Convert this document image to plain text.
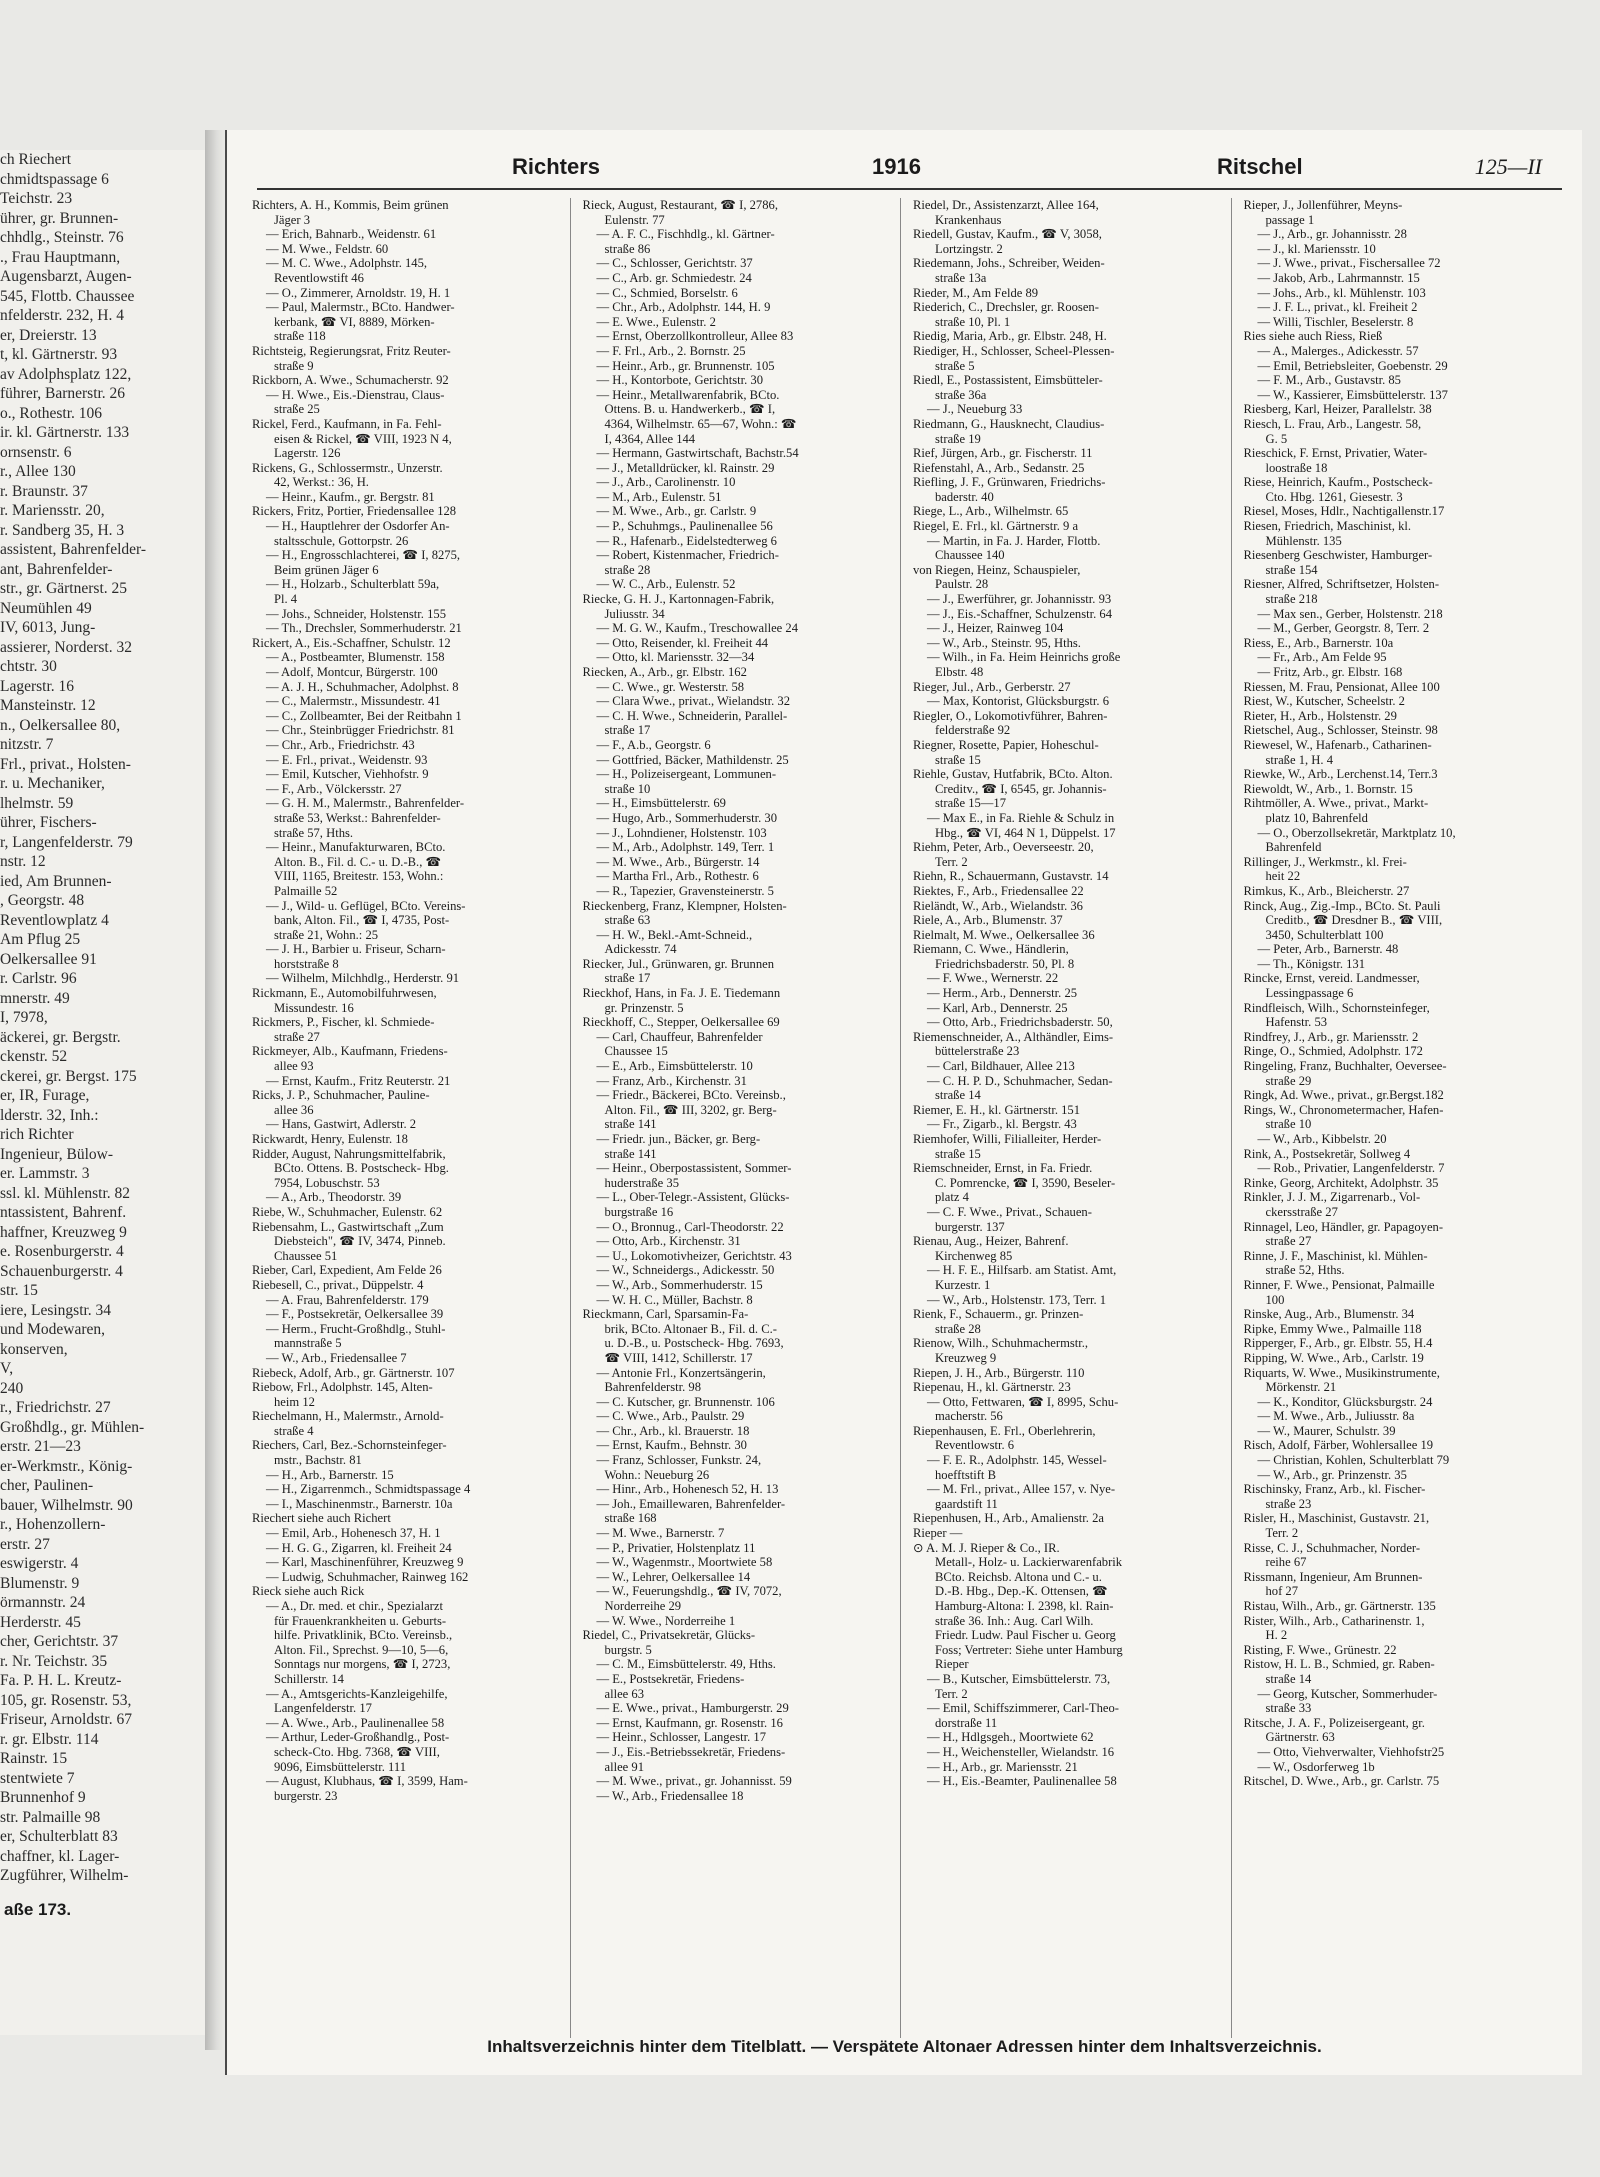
ch Riechert
chmidtspassage 6
Teichstr. 23
ührer, gr. Brunnen-
chhdlg., Steinstr. 76
., Frau Hauptmann,
Augensbarzt, Augen-
545, Flottb. Chaussee
nfelderstr. 232, H. 4
er, Dreierstr. 13
t, kl. Gärtnerstr. 93
av Adolphsplatz 122,
führer, Barnerstr. 26
o., Rothestr. 106
ir. kl. Gärtnerstr. 133
ornsenstr. 6
r., Allee 130
r. Braunstr. 37
r. Mariensstr. 20,
r. Sandberg 35, H. 3
assistent, Bahrenfelder-
ant, Bahrenfelder-
str., gr. Gärtnerst. 25
Neumühlen 49
IV, 6013, Jung-
assierer, Norderst. 32
chtstr. 30
Lagerstr. 16
Mansteinstr. 12
n., Oelkersallee 80,
nitzstr. 7
Frl., privat., Holsten-
r. u. Mechaniker,
lhelmstr. 59
ührer, Fischers-
r, Langenfelderstr. 79
nstr. 12
ied, Am Brunnen-
, Georgstr. 48
Reventlowplatz 4
Am Pflug 25
Oelkersallee 91
r. Carlstr. 96
mnerstr. 49
I, 7978,
äckerei, gr. Bergstr.
ckenstr. 52
ckerei, gr. Bergst. 175
er, IR, Furage,
lderstr. 32, Inh.:
rich Richter
Ingenieur, Bülow-
er. Lammstr. 3
ssl. kl. Mühlenstr. 82
ntassistent, Bahrenf.
haffner, Kreuzweg 9
e. Rosenburgerstr. 4
Schauenburgerstr. 4
str. 15
iere, Lesingstr. 34
und Modewaren,
konserven,
V,
240
r., Friedrichstr. 27
Großhdlg., gr. Mühlen-
erstr. 21—23
er-Werkmstr., König-
cher, Paulinen-
bauer, Wilhelmstr. 90
r., Hohenzollern-
erstr. 27
eswigerstr. 4
Blumenstr. 9
örmannstr. 24
Herderstr. 45
cher, Gerichtstr. 37
r. Nr. Teichstr. 35
Fa. P. H. L. Kreutz-
105, gr. Rosenstr. 53,
Friseur, Arnoldstr. 67
r. gr. Elbstr. 114
Rainstr. 15
stentwiete 7
Brunnenhof 9
str. Palmaille 98
er, Schulterblatt 83
chaffner, kl. Lager-
Zugführer, Wilhelm-
aße 173.
Richters	1916	Ritschel	125—II
Richters, A. H., Kommis, Beim grünen
Jäger 3
— Erich, Bahnarb., Weidenstr. 61
— M. Wwe., Feldstr. 60
— M. C. Wwe., Adolphstr. 145,
Reventlowstift 46
— O., Zimmerer, Arnoldstr. 19, H. 1
— Paul, Malermstr., BCto. Handwer-
kerbank, ☎ VI, 8889, Mörken-
straße 118
Richtsteig, Regierungsrat, Fritz Reuter-
straße 9
Rickborn, A. Wwe., Schumacherstr. 92
— H. Wwe., Eis.-Dienstrau, Claus-
straße 25
Rickel, Ferd., Kaufmann, in Fa. Fehl-
eisen & Rickel, ☎ VIII, 1923 N 4,
Lagerstr. 126
Rickens, G., Schlossermstr., Unzerstr.
42, Werkst.: 36, H.
— Heinr., Kaufm., gr. Bergstr. 81
Rickers, Fritz, Portier, Friedensallee 128
— H., Hauptlehrer der Osdorfer An-
staltsschule, Gottorpstr. 26
— H., Engrosschlachterei, ☎ I, 8275,
Beim grünen Jäger 6
— H., Holzarb., Schulterblatt 59a,
Pl. 4
— Johs., Schneider, Holstenstr. 155
— Th., Drechsler, Sommerhuderstr. 21
Rickert, A., Eis.-Schaffner, Schulstr. 12
— A., Postbeamter, Blumenstr. 158
— Adolf, Montcur, Bürgerstr. 100
— A. J. H., Schuhmacher, Adolphst. 8
— C., Malermstr., Missundestr. 41
— C., Zollbeamter, Bei der Reitbahn 1
— Chr., Steinbrügger Friedrichstr. 81
— Chr., Arb., Friedrichstr. 43
— E. Frl., privat., Weidenstr. 93
— Emil, Kutscher, Viehhofstr. 9
— F., Arb., Völckersstr. 27
— G. H. M., Malermstr., Bahrenfelder-
straße 53, Werkst.: Bahrenfelder-
straße 57, Hths.
— Heinr., Manufakturwaren, BCto.
Alton. B., Fil. d. C.- u. D.-B., ☎
VIII, 1165, Breitestr. 153, Wohn.:
Palmaille 52
— J., Wild- u. Geflügel, BCto. Vereins-
bank, Alton. Fil., ☎ I, 4735, Post-
straße 21, Wohn.: 25
— J. H., Barbier u. Friseur, Scharn-
horststraße 8
— Wilhelm, Milchhdlg., Herderstr. 91
Rickmann, E., Automobilfuhrwesen,
Missundestr. 16
Rickmers, P., Fischer, kl. Schmiede-
straße 27
Rickmeyer, Alb., Kaufmann, Friedens-
allee 93
— Ernst, Kaufm., Fritz Reuterstr. 21
Ricks, J. P., Schuhmacher, Pauline-
allee 36
— Hans, Gastwirt, Adlerstr. 2
Rickwardt, Henry, Eulenstr. 18
Ridder, August, Nahrungsmittelfabrik,
BCto. Ottens. B. Postscheck- Hbg.
7954, Lobuschstr. 53
— A., Arb., Theodorstr. 39
Riebe, W., Schuhmacher, Eulenstr. 62
Riebensahm, L., Gastwirtschaft „Zum
Diebsteich", ☎ IV, 3474, Pinneb.
Chaussee 51
Rieber, Carl, Expedient, Am Felde 26
Riebesell, C., privat., Düppelstr. 4
— A. Frau, Bahrenfelderstr. 179
— F., Postsekretär, Oelkersallee 39
— Herm., Frucht-Großhdlg., Stuhl-
mannstraße 5
— W., Arb., Friedensallee 7
Riebeck, Adolf, Arb., gr. Gärtnerstr. 107
Riebow, Frl., Adolphstr. 145, Alten-
heim 12
Riechelmann, H., Malermstr., Arnold-
straße 4
Riechers, Carl, Bez.-Schornsteinfeger-
mstr., Bachstr. 81
— H., Arb., Barnerstr. 15
— H., Zigarrenmch., Schmidtspassage 4
— I., Maschinenmstr., Barnerstr. 10a
Riechert siehe auch Richert
— Emil, Arb., Hohenesch 37, H. 1
— H. G. G., Zigarren, kl. Freiheit 24
— Karl, Maschinenführer, Kreuzweg 9
— Ludwig, Schuhmacher, Rainweg 162
Rieck siehe auch Rick
— A., Dr. med. et chir., Spezialarzt
für Frauenkrankheiten u. Geburts-
hilfe. Privatklinik, BCto. Vereinsb.,
Alton. Fil., Sprechst. 9—10, 5—6,
Sonntags nur morgens, ☎ I, 2723,
Schillerstr. 14
— A., Amtsgerichts-Kanzleigehilfe,
Langenfelderstr. 17
— A. Wwe., Arb., Paulinenallee 58
— Arthur, Leder-Großhandlg., Post-
scheck-Cto. Hbg. 7368, ☎ VIII,
9096, Eimsbüttelerstr. 111
— August, Klubhaus, ☎ I, 3599, Ham-
burgerstr. 23
Rieck, August, Restaurant, ☎ I, 2786,
Eulenstr. 77
— A. F. C., Fischhdlg., kl. Gärtner-
straße 86
— C., Schlosser, Gerichtstr. 37
— C., Arb. gr. Schmiedestr. 24
— C., Schmied, Borselstr. 6
— Chr., Arb., Adolphstr. 144, H. 9
— E. Wwe., Eulenstr. 2
— Ernst, Oberzollkontrolleur, Allee 83
— F. Frl., Arb., 2. Bornstr. 25
— Heinr., Arb., gr. Brunnenstr. 105
— H., Kontorbote, Gerichtstr. 30
— Heinr., Metallwarenfabrik, BCto.
Ottens. B. u. Handwerkerb., ☎ I,
4364, Wilhelmstr. 65—67, Wohn.: ☎
I, 4364, Allee 144
— Hermann, Gastwirtschaft, Bachstr.54
— J., Metalldrücker, kl. Rainstr. 29
— J., Arb., Carolinenstr. 10
— M., Arb., Eulenstr. 51
— M. Wwe., Arb., gr. Carlstr. 9
— P., Schuhmgs., Paulinenallee 56
— R., Hafenarb., Eidelstedterweg 6
— Robert, Kistenmacher, Friedrich-
straße 28
— W. C., Arb., Eulenstr. 52
Riecke, G. H. J., Kartonnagen-Fabrik,
Juliusstr. 34
— M. G. W., Kaufm., Treschowallee 24
— Otto, Reisender, kl. Freiheit 44
— Otto, kl. Mariensstr. 32—34
Riecken, A., Arb., gr. Elbstr. 162
— C. Wwe., gr. Westerstr. 58
— Clara Wwe., privat., Wielandstr. 32
— C. H. Wwe., Schneiderin, Parallel-
straße 17
— F., A.b., Georgstr. 6
— Gottfried, Bäcker, Mathildenstr. 25
— H., Polizeisergeant, Lommunen-
straße 10
— H., Eimsbüttelerstr. 69
— Hugo, Arb., Sommerhuderstr. 30
— J., Lohndiener, Holstenstr. 103
— M., Arb., Adolphstr. 149, Terr. 1
— M. Wwe., Arb., Bürgerstr. 14
— Martha Frl., Arb., Rothestr. 6
— R., Tapezier, Gravensteinerstr. 5
Rieckenberg, Franz, Klempner, Holsten-
straße 63
— H. W., Bekl.-Amt-Schneid.,
Adickesstr. 74
Riecker, Jul., Grünwaren, gr. Brunnen
straße 17
Rieckhof, Hans, in Fa. J. E. Tiedemann
gr. Prinzenstr. 5
Rieckhoff, C., Stepper, Oelkersallee 69
— Carl, Chauffeur, Bahrenfelder
Chaussee 15
— E., Arb., Eimsbüttelerstr. 10
— Franz, Arb., Kirchenstr. 31
— Friedr., Bäckerei, BCto. Vereinsb.,
Alton. Fil., ☎ III, 3202, gr. Berg-
straße 141
— Friedr. jun., Bäcker, gr. Berg-
straße 141
— Heinr., Oberpostassistent, Sommer-
huderstraße 35
— L., Ober-Telegr.-Assistent, Glücks-
burgstraße 16
— O., Bronnug., Carl-Theodorstr. 22
— Otto, Arb., Kirchenstr. 31
— U., Lokomotivheizer, Gerichtstr. 43
— W., Schneidergs., Adickesstr. 50
— W., Arb., Sommerhuderstr. 15
— W. H. C., Müller, Bachstr. 8
Rieckmann, Carl, Sparsamin-Fa-
brik, BCto. Altonaer B., Fil. d. C.-
u. D.-B., u. Postscheck- Hbg. 7693,
☎ VIII, 1412, Schillerstr. 17
— Antonie Frl., Konzertsängerin,
Bahrenfelderstr. 98
— C. Kutscher, gr. Brunnenstr. 106
— C. Wwe., Arb., Paulstr. 29
— Chr., Arb., kl. Brauerstr. 18
— Ernst, Kaufm., Behnstr. 30
— Franz, Schlosser, Funkstr. 24,
Wohn.: Neueburg 26
— Hinr., Arb., Hohenesch 52, H. 13
— Joh., Emaillewaren, Bahrenfelder-
straße 168
— M. Wwe., Barnerstr. 7
— P., Privatier, Holstenplatz 11
— W., Wagenmstr., Moortwiete 58
— W., Lehrer, Oelkersallee 14
— W., Feuerungshdlg., ☎ IV, 7072,
Norderreihe 29
— W. Wwe., Norderreihe 1
Riedel, C., Privatsekretär, Glücks-
burgstr. 5
— C. M., Eimsbüttelerstr. 49, Hths.
— E., Postsekretär, Friedens-
allee 63
— E. Wwe., privat., Hamburgerstr. 29
— Ernst, Kaufmann, gr. Rosenstr. 16
— Heinr., Schlosser, Langestr. 17
— J., Eis.-Betriebssekretär, Friedens-
allee 91
— M. Wwe., privat., gr. Johannisst. 59
— W., Arb., Friedensallee 18
Riedel, Dr., Assistenzarzt, Allee 164,
Krankenhaus
Riedell, Gustav, Kaufm., ☎ V, 3058,
Lortzingstr. 2
Riedemann, Johs., Schreiber, Weiden-
straße 13a
Rieder, M., Am Felde 89
Riederich, C., Drechsler, gr. Roosen-
straße 10, Pl. 1
Riedig, Maria, Arb., gr. Elbstr. 248, H.
Riediger, H., Schlosser, Scheel-Plessen-
straße 5
Riedl, E., Postassistent, Eimsbütteler-
straße 36a
— J., Neueburg 33
Riedmann, G., Hausknecht, Claudius-
straße 19
Rief, Jürgen, Arb., gr. Fischerstr. 11
Riefenstahl, A., Arb., Sedanstr. 25
Riefling, J. F., Grünwaren, Friedrichs-
baderstr. 40
Riege, L., Arb., Wilhelmstr. 65
Riegel, E. Frl., kl. Gärtnerstr. 9 a
— Martin, in Fa. J. Harder, Flottb.
Chaussee 140
von Riegen, Heinz, Schauspieler,
Paulstr. 28
— J., Ewerführer, gr. Johannisstr. 93
— J., Eis.-Schaffner, Schulzenstr. 64
— J., Heizer, Rainweg 104
— W., Arb., Steinstr. 95, Hths.
— Wilh., in Fa. Heim Heinrichs große
Elbstr. 48
Rieger, Jul., Arb., Gerberstr. 27
— Max, Kontorist, Glücksburgstr. 6
Riegler, O., Lokomotivführer, Bahren-
felderstraße 92
Riegner, Rosette, Papier, Hoheschul-
straße 15
Riehle, Gustav, Hutfabrik, BCto. Alton.
Creditv., ☎ I, 6545, gr. Johannis-
straße 15—17
— Max E., in Fa. Riehle & Schulz in
Hbg., ☎ VI, 464 N 1, Düppelst. 17
Riehm, Peter, Arb., Oeverseestr. 20,
Terr. 2
Riehn, R., Schauermann, Gustavstr. 14
Riektes, F., Arb., Friedensallee 22
Rieländt, W., Arb., Wielandstr. 36
Riele, A., Arb., Blumenstr. 37
Rielmalt, M. Wwe., Oelkersallee 36
Riemann, C. Wwe., Händlerin,
Friedrichsbaderstr. 50, Pl. 8
— F. Wwe., Wernerstr. 22
— Herm., Arb., Dennerstr. 25
— Karl, Arb., Dennerstr. 25
— Otto, Arb., Friedrichsbaderstr. 50,
Riemenschneider, A., Althändler, Eims-
büttelerstraße 23
— Carl, Bildhauer, Allee 213
— C. H. P. D., Schuhmacher, Sedan-
straße 14
Riemer, E. H., kl. Gärtnerstr. 151
— Fr., Zigarb., kl. Bergstr. 43
Riemhofer, Willi, Filialleiter, Herder-
straße 15
Riemschneider, Ernst, in Fa. Friedr.
C. Pomrencke, ☎ I, 3590, Beseler-
platz 4
— C. F. Wwe., Privat., Schauen-
burgerstr. 137
Rienau, Aug., Heizer, Bahrenf.
Kirchenweg 85
— H. F. E., Hilfsarb. am Statist. Amt,
Kurzestr. 1
— W., Arb., Holstenstr. 173, Terr. 1
Rienk, F., Schauerm., gr. Prinzen-
straße 28
Rienow, Wilh., Schuhmachermstr.,
Kreuzweg 9
Riepen, J. H., Arb., Bürgerstr. 110
Riepenau, H., kl. Gärtnerstr. 23
— Otto, Fettwaren, ☎ I, 8995, Schu-
macherstr. 56
Riepenhausen, E. Frl., Oberlehrerin,
Reventlowstr. 6
— F. E. R., Adolphstr. 145, Wessel-
hoefftstift B
— M. Frl., privat., Allee 157, v. Nye-
gaardstift 11
Riepenhusen, H., Arb., Amalienstr. 2a
Rieper —
⊙ A. M. J. Rieper & Co., IR.
Metall-, Holz- u. Lackierwarenfabrik
BCto. Reichsb. Altona und C.- u.
D.-B. Hbg., Dep.-K. Ottensen, ☎
Hamburg-Altona: I. 2398, kl. Rain-
straße 36. Inh.: Aug. Carl Wilh.
Friedr. Ludw. Paul Fischer u. Georg
Foss; Vertreter: Siehe unter Hamburg
Rieper
— B., Kutscher, Eimsbüttelerstr. 73,
Terr. 2
— Emil, Schiffszimmerer, Carl-Theo-
dorstraße 11
— H., Hdlgsgeh., Moortwiete 62
— H., Weichensteller, Wielandstr. 16
— H., Arb., gr. Mariensstr. 21
— H., Eis.-Beamter, Paulinenallee 58
Rieper, J., Jollenführer, Meyns-
passage 1
— J., Arb., gr. Johannisstr. 28
— J., kl. Mariensstr. 10
— J. Wwe., privat., Fischersallee 72
— Jakob, Arb., Lahrmannstr. 15
— Johs., Arb., kl. Mühlenstr. 103
— J. F. L., privat., kl. Freiheit 2
— Willi, Tischler, Beselerstr. 8
Ries siehe auch Riess, Rieß
— A., Malerges., Adickesstr. 57
— Emil, Betriebsleiter, Goebenstr. 29
— F. M., Arb., Gustavstr. 85
— W., Kassierer, Eimsbüttelerstr. 137
Riesberg, Karl, Heizer, Parallelstr. 38
Riesch, L. Frau, Arb., Langestr. 58,
G. 5
Rieschick, F. Ernst, Privatier, Water-
loostraße 18
Riese, Heinrich, Kaufm., Postscheck-
Cto. Hbg. 1261, Giesestr. 3
Riesel, Moses, Hdlr., Nachtigallenstr.17
Riesen, Friedrich, Maschinist, kl.
Mühlenstr. 135
Riesenberg Geschwister, Hamburger-
straße 154
Riesner, Alfred, Schriftsetzer, Holsten-
straße 218
— Max sen., Gerber, Holstenstr. 218
— M., Gerber, Georgstr. 8, Terr. 2
Riess, E., Arb., Barnerstr. 10a
— Fr., Arb., Am Felde 95
— Fritz, Arb., gr. Elbstr. 168
Riessen, M. Frau, Pensionat, Allee 100
Riest, W., Kutscher, Scheelstr. 2
Rieter, H., Arb., Holstenstr. 29
Rietschel, Aug., Schlosser, Steinstr. 98
Riewesel, W., Hafenarb., Catharinen-
straße 1, H. 4
Riewke, W., Arb., Lerchenst.14, Terr.3
Riewoldt, W., Arb., 1. Bornstr. 15
Rihtmöller, A. Wwe., privat., Markt-
platz 10, Bahrenfeld
— O., Oberzollsekretär, Marktplatz 10,
Bahrenfeld
Rillinger, J., Werkmstr., kl. Frei-
heit 22
Rimkus, K., Arb., Bleicherstr. 27
Rinck, Aug., Zig.-Imp., BCto. St. Pauli
Creditb., ☎ Dresdner B., ☎ VIII,
3450, Schulterblatt 100
— Peter, Arb., Barnerstr. 48
— Th., Königstr. 131
Rincke, Ernst, vereid. Landmesser,
Lessingpassage 6
Rindfleisch, Wilh., Schornsteinfeger,
Hafenstr. 53
Rindfrey, J., Arb., gr. Mariensstr. 2
Ringe, O., Schmied, Adolphstr. 172
Ringeling, Franz, Buchhalter, Oeversee-
straße 29
Ringk, Ad. Wwe., privat., gr.Bergst.182
Rings, W., Chronometermacher, Hafen-
straße 10
— W., Arb., Kibbelstr. 20
Rink, A., Postsekretär, Sollweg 4
— Rob., Privatier, Langenfelderstr. 7
Rinke, Georg, Architekt, Adolphstr. 35
Rinkler, J. J. M., Zigarrenarb., Vol-
ckersstraße 27
Rinnagel, Leo, Händler, gr. Papagoyen-
straße 27
Rinne, J. F., Maschinist, kl. Mühlen-
straße 52, Hths.
Rinner, F. Wwe., Pensionat, Palmaille
100
Rinske, Aug., Arb., Blumenstr. 34
Ripke, Emmy Wwe., Palmaille 118
Ripperger, F., Arb., gr. Elbstr. 55, H.4
Ripping, W. Wwe., Arb., Carlstr. 19
Riquarts, W. Wwe., Musikinstrumente,
Mörkenstr. 21
— K., Konditor, Glücksburgstr. 24
— M. Wwe., Arb., Juliusstr. 8a
— W., Maurer, Schulstr. 39
Risch, Adolf, Färber, Wohlersallee 19
— Christian, Kohlen, Schulterblatt 79
— W., Arb., gr. Prinzenstr. 35
Rischinsky, Franz, Arb., kl. Fischer-
straße 23
Risler, H., Maschinist, Gustavstr. 21,
Terr. 2
Risse, C. J., Schuhmacher, Norder-
reihe 67
Rissmann, Ingenieur, Am Brunnen-
hof 27
Ristau, Wilh., Arb., gr. Gärtnerstr. 135
Rister, Wilh., Arb., Catharinenstr. 1,
H. 2
Risting, F. Wwe., Grünestr. 22
Ristow, H. L. B., Schmied, gr. Raben-
straße 14
— Georg, Kutscher, Sommerhuder-
straße 33
Ritsche, J. A. F., Polizeisergeant, gr.
Gärtnerstr. 63
— Otto, Viehverwalter, Viehhofstr25
— W., Osdorferweg 1b
Ritschel, D. Wwe., Arb., gr. Carlstr. 75
Inhaltsverzeichnis hinter dem Titelblatt. — Verspätete Altonaer Adressen hinter dem Inhaltsverzeichnis.
